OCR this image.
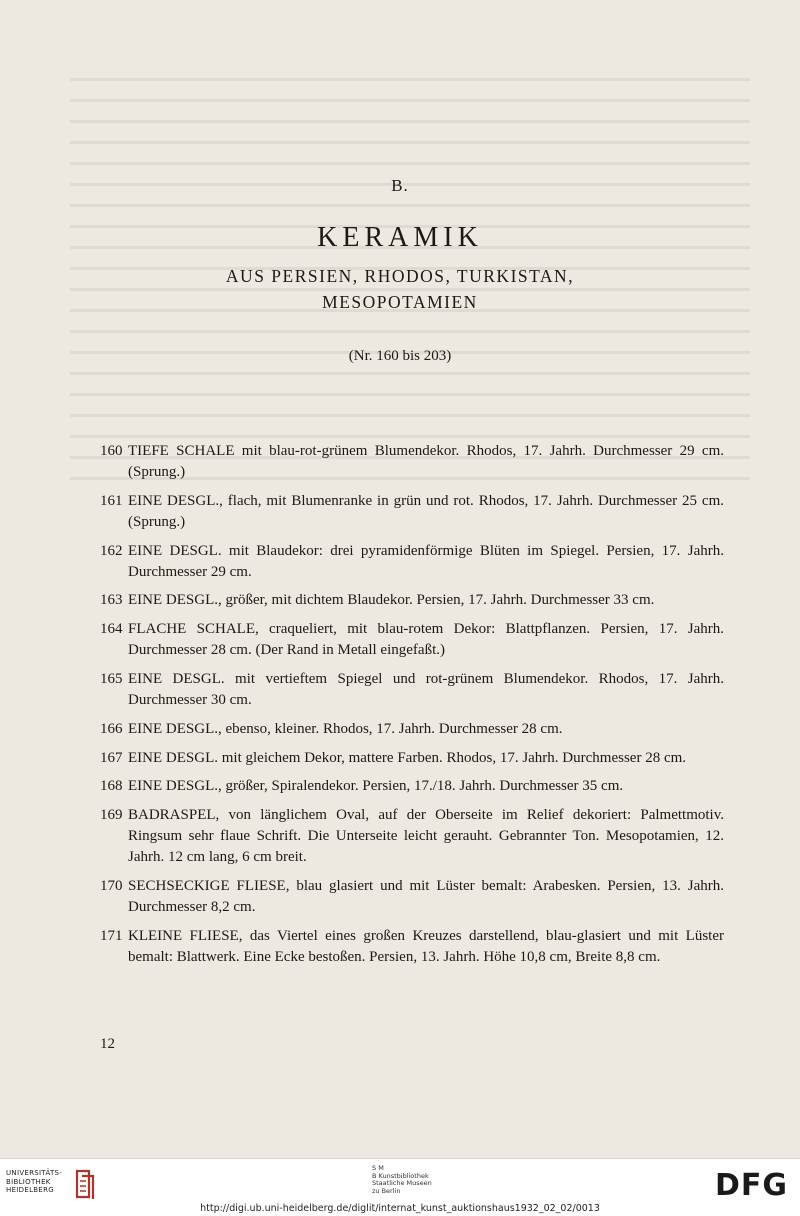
B.
KERAMIK
AUS PERSIEN, RHODOS, TURKISTAN,
MESOPOTAMIEN
(Nr. 160 bis 203)
160 TIEFE SCHALE mit blau-rot-grünem Blumendekor. Rhodos, 17. Jahrh. Durchmesser 29 cm. (Sprung.)
161 EINE DESGL., flach, mit Blumenranke in grün und rot. Rhodos, 17. Jahrh. Durchmesser 25 cm. (Sprung.)
162 EINE DESGL. mit Blaudekor: drei pyramidenförmige Blüten im Spiegel. Persien, 17. Jahrh. Durchmesser 29 cm.
163 EINE DESGL., größer, mit dichtem Blaudekor. Persien, 17. Jahrh. Durchmesser 33 cm.
164 FLACHE SCHALE, craqueliert, mit blau-rotem Dekor: Blattpflanzen. Persien, 17. Jahrh. Durchmesser 28 cm. (Der Rand in Metall eingefaßt.)
165 EINE DESGL. mit vertieftem Spiegel und rot-grünem Blumendekor. Rhodos, 17. Jahrh. Durchmesser 30 cm.
166 EINE DESGL., ebenso, kleiner. Rhodos, 17. Jahrh. Durchmesser 28 cm.
167 EINE DESGL. mit gleichem Dekor, mattere Farben. Rhodos, 17. Jahrh. Durchmesser 28 cm.
168 EINE DESGL., größer, Spiralendekor. Persien, 17./18. Jahrh. Durchmesser 35 cm.
169 BADRASPEL, von länglichem Oval, auf der Oberseite im Relief dekoriert: Palmettmotiv. Ringsum sehr flaue Schrift. Die Unterseite leicht gerauht. Gebrannter Ton. Mesopotamien, 12. Jahrh. 12 cm lang, 6 cm breit.
170 SECHSECKIGE FLIESE, blau glasiert und mit Lüster bemalt: Arabesken. Persien, 13. Jahrh. Durchmesser 8,2 cm.
171 KLEINE FLIESE, das Viertel eines großen Kreuzes darstellend, blau-glasiert und mit Lüster bemalt: Blattwerk. Eine Ecke bestoßen. Persien, 13. Jahrh. Höhe 10,8 cm, Breite 8,8 cm.
12
UNIVERSITÄTS-
BIBLIOTHEK
HEIDELBERG
S M
B Kunstbibliothek
Staatliche Museen
zu Berlin	DFG
http://digi.ub.uni-heidelberg.de/diglit/internat_kunst_auktionshaus1932_02_02/0013
